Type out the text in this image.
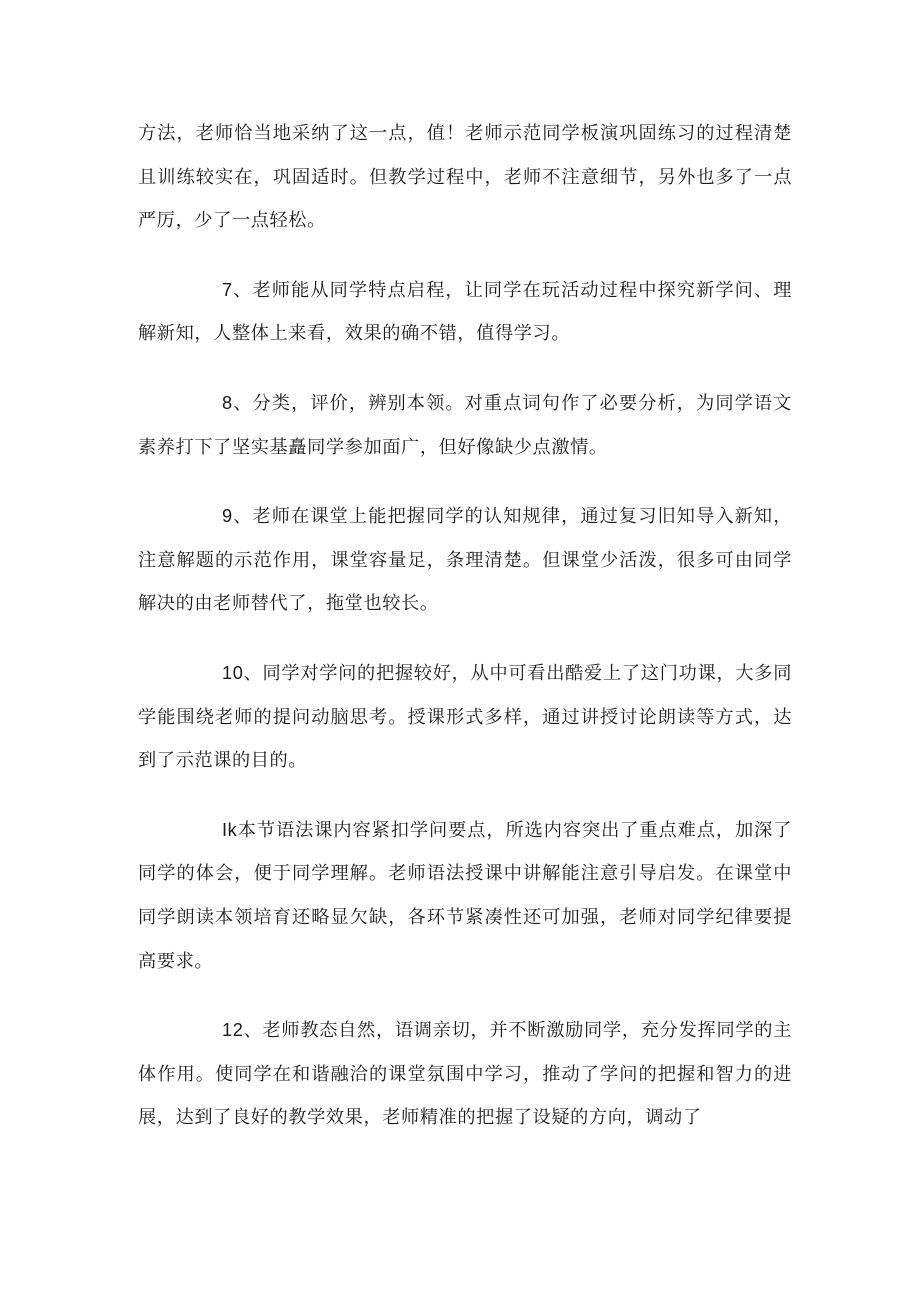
方法，老师恰当地采纳了这一点，值！老师示范同学板演巩固练习的过程清楚且训练较实在，巩固适时。但教学过程中，老师不注意细节，另外也多了一点严厉，少了一点轻松。

7、老师能从同学特点启程，让同学在玩活动过程中探究新学问、理解新知，人整体上来看，效果的确不错，值得学习。

8、分类，评价，辨别本领。对重点词句作了必要分析，为同学语文素养打下了坚实基矗同学参加面广，但好像缺少点激情。

9、老师在课堂上能把握同学的认知规律，通过复习旧知导入新知，注意解题的示范作用，课堂容量足，条理清楚。但课堂少活泼，很多可由同学解决的由老师替代了，拖堂也较长。

10、同学对学问的把握较好，从中可看出酷爱上了这门功课，大多同学能围绕老师的提问动脑思考。授课形式多样，通过讲授讨论朗读等方式，达到了示范课的目的。

Ik本节语法课内容紧扣学问要点，所选内容突出了重点难点，加深了同学的体会，便于同学理解。老师语法授课中讲解能注意引导启发。在课堂中同学朗读本领培育还略显欠缺，各环节紧凑性还可加强，老师对同学纪律要提高要求。

12、老师教态自然，语调亲切，并不断激励同学，充分发挥同学的主体作用。使同学在和谐融洽的课堂氛围中学习，推动了学问的把握和智力的进展，达到了良好的教学效果，老师精准的把握了设疑的方向，调动了
